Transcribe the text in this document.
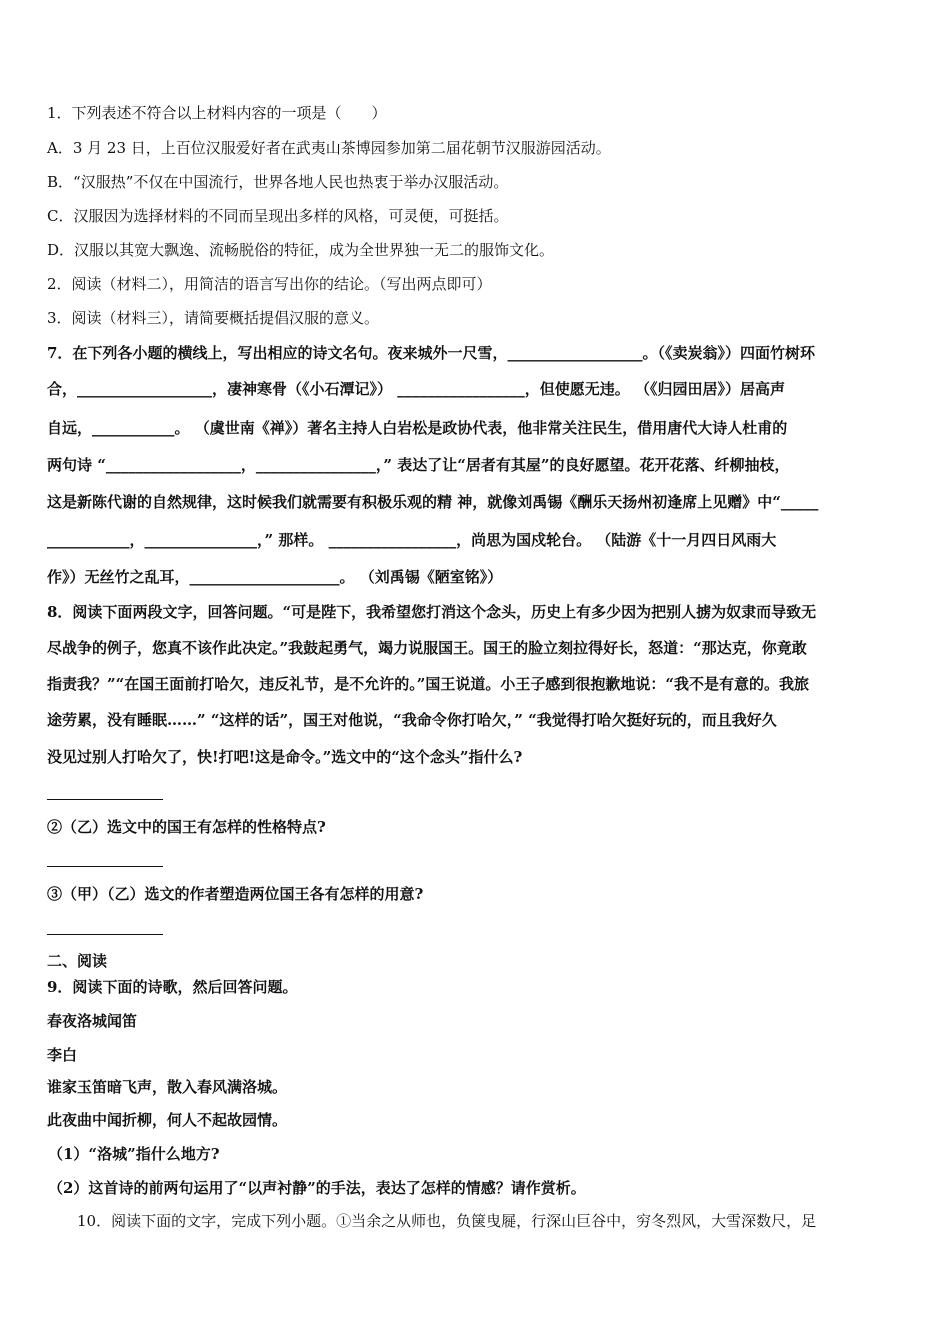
1．下列表述不符合以上材料内容的一项是（　　）
A．3 月 23 日，上百位汉服爱好者在武夷山茶博园参加第二届花朝节汉服游园活动。
B．“汉服热”不仅在中国流行，世界各地人民也热衷于举办汉服活动。
C．汉服因为选择材料的不同而呈现出多样的风格，可灵便，可挺括。
D．汉服以其宽大飘逸、流畅脱俗的特征，成为全世界独一无二的服饰文化。
2．阅读（材料二），用简洁的语言写出你的结论。（写出两点即可）
3．阅读（材料三），请简要概括提倡汉服的意义。
7．在下列各小题的横线上，写出相应的诗文名句。夜来城外一尺雪，__________________。（《卖炭翁》）四面竹树环
合，__________________，凄神寒骨（《小石潭记》） _________________，但使愿无违。 （《归园田居》）居高声
自远，___________。 （虞世南《禅》）著名主持人白岩松是政协代表，他非常关注民生，借用唐代大诗人杜甫的
两句诗 “__________________，________________，” 表达了让“居者有其屋”的良好愿望。花开花落、纤柳抽枝，
这是新陈代谢的自然规律，这时候我们就需要有积极乐观的精 神，就像刘禹锡《酬乐天扬州初逢席上见赠》中“_____
___________，_______________，” 那样。 _________________，尚思为国戍轮台。 （陆游《十一月四日风雨大
作》）无丝竹之乱耳，____________________。 （刘禹锡《陋室铭》）
8．阅读下面两段文字，回答问题。“可是陛下，我希望您打消这个念头，历史上有多少因为把别人掳为奴隶而导致无
尽战争的例子，您真不该作此决定。”我鼓起勇气，竭力说服国王。国王的脸立刻拉得好长，怒道：“那达克，你竟敢
指责我？”“在国王面前打哈欠，违反礼节，是不允许的。”国王说道。小王子感到很抱歉地说：“我不是有意的。我旅
途劳累，没有睡眠……” “这样的话”，国王对他说，“我命令你打哈欠，” “我觉得打哈欠挺好玩的，而且我好久
没见过别人打哈欠了，快!打吧!这是命令。”选文中的“这个念头”指什么?
②（乙）选文中的国王有怎样的性格特点?
③（甲）（乙）选文的作者塑造两位国王各有怎样的用意?
二、阅读
9．阅读下面的诗歌，然后回答问题。
春夜洛城闻笛
李白
谁家玉笛暗飞声，散入春风满洛城。
此夜曲中闻折柳，何人不起故园情。
（1）“洛城”指什么地方?
（2）这首诗的前两句运用了“以声衬静”的手法，表达了怎样的情感？请作赏析。
10．阅读下面的文字，完成下列小题。①当余之从师也，负箧曳屣，行深山巨谷中，穷冬烈风，大雪深数尺，足
